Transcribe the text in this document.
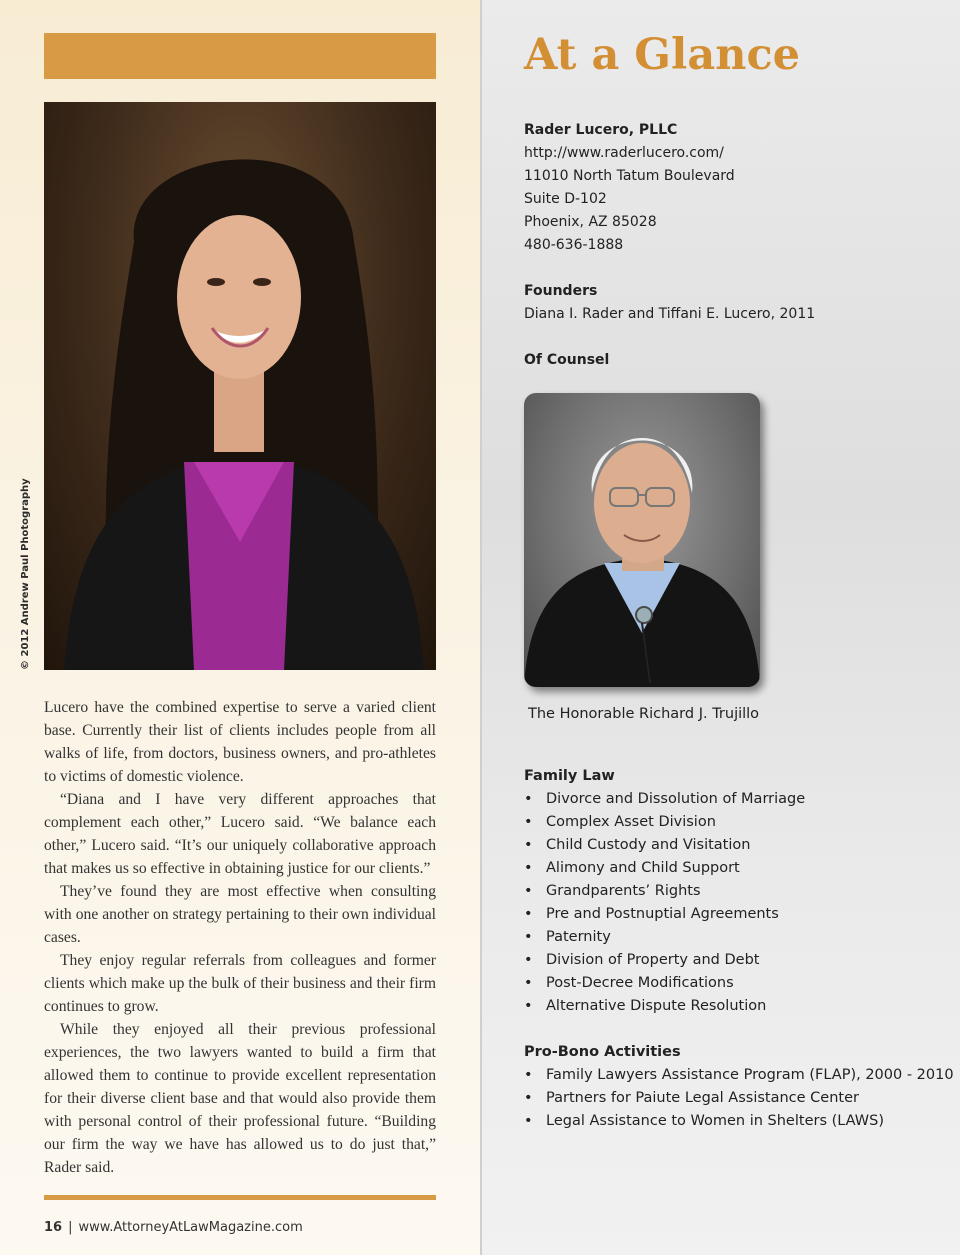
© 2012 Andrew Paul Photography

Lucero have the combined expertise to serve a varied client base. Currently their list of clients includes people from all walks of life, from doctors, business owners, and pro-athletes to victims of domestic violence.

“Diana and I have very different approaches that complement each other,” Lucero said. “We balance each other,” Lucero said. “It’s our uniquely collaborative approach that makes us so effective in obtaining justice for our clients.”

They’ve found they are most effective when consulting with one another on strategy pertaining to their own individual cases.

They enjoy regular referrals from colleagues and former clients which make up the bulk of their business and their firm continues to grow.

While they enjoyed all their previous professional experiences, the two lawyers wanted to build a firm that allowed them to continue to provide excellent representation for their diverse client base and that would also provide them with personal control of their professional future. “Building our firm the way we have has allowed us to do just that,” Rader said.

16 | www.AttorneyAtLawMagazine.com
At a Glance
Rader Lucero, PLLC
http://www.raderlucero.com/
11010 North Tatum Boulevard
Suite D-102
Phoenix, AZ 85028
480-636-1888
Founders
Diana I. Rader and Tiffani E. Lucero, 2011
Of Counsel
The Honorable Richard J. Trujillo
Family Law
• Divorce and Dissolution of Marriage
• Complex Asset Division
• Child Custody and Visitation
• Alimony and Child Support
• Grandparents’ Rights
• Pre and Postnuptial Agreements
• Paternity
• Division of Property and Debt
• Post-Decree Modifications
• Alternative Dispute Resolution
Pro-Bono Activities
• Family Lawyers Assistance Program (FLAP), 2000 - 2010
• Partners for Paiute Legal Assistance Center
• Legal Assistance to Women in Shelters (LAWS)
